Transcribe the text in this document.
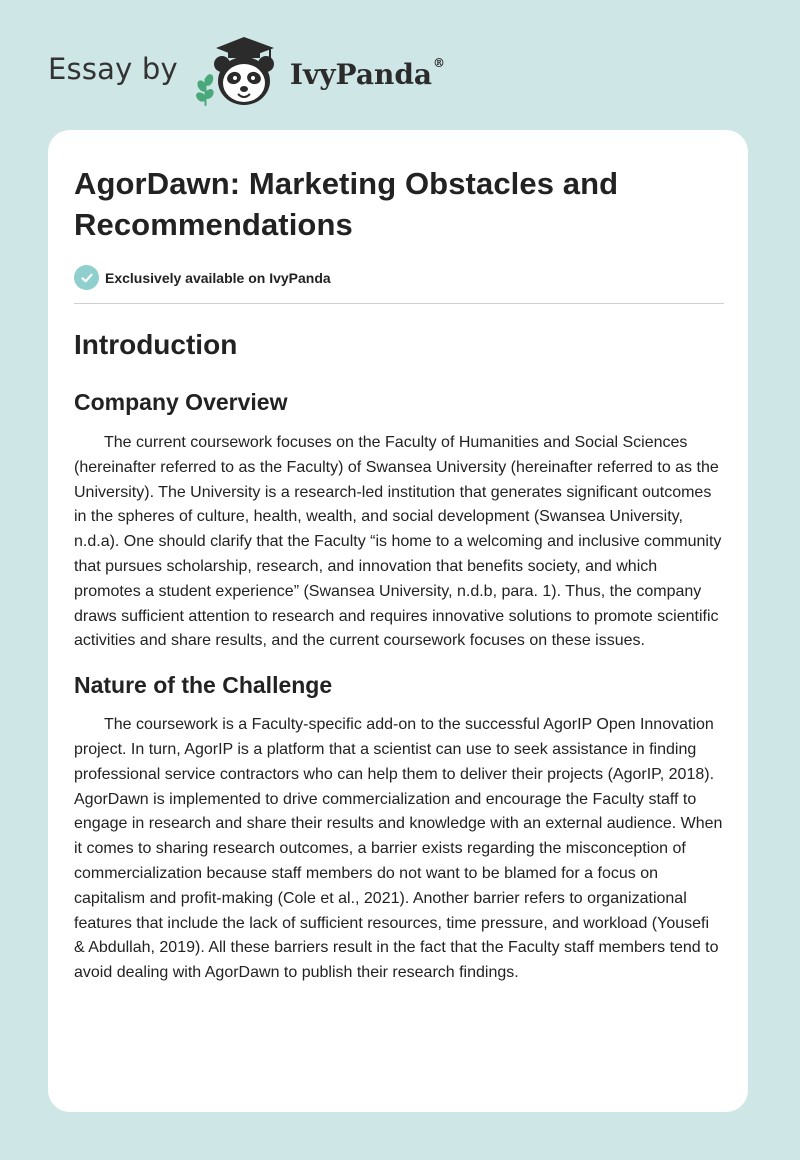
Essay by	IvyPanda®
AgorDawn: Marketing Obstacles and Recommendations
Exclusively available on IvyPanda
Introduction
Company Overview

The current coursework focuses on the Faculty of Humanities and Social Sciences (hereinafter referred to as the Faculty) of Swansea University (hereinafter referred to as the University). The University is a research-led institution that generates significant outcomes in the spheres of culture, health, wealth, and social development (Swansea University, n.d.a). One should clarify that the Faculty “is home to a welcoming and inclusive community that pursues scholarship, research, and innovation that benefits society, and which promotes a student experience” (Swansea University, n.d.b, para. 1). Thus, the company draws sufficient attention to research and requires innovative solutions to promote scientific activities and share results, and the current coursework focuses on these issues.

Nature of the Challenge

The coursework is a Faculty-specific add-on to the successful AgorIP Open Innovation project. In turn, AgorIP is a platform that a scientist can use to seek assistance in finding professional service contractors who can help them to deliver their projects (AgorIP, 2018). AgorDawn is implemented to drive commercialization and encourage the Faculty staff to engage in research and share their results and knowledge with an external audience. When it comes to sharing research outcomes, a barrier exists regarding the misconception of commercialization because staff members do not want to be blamed for a focus on capitalism and profit-making (Cole et al., 2021). Another barrier refers to organizational features that include the lack of sufficient resources, time pressure, and workload (Yousefi & Abdullah, 2019). All these barriers result in the fact that the Faculty staff members tend to avoid dealing with AgorDawn to publish their research findings.
